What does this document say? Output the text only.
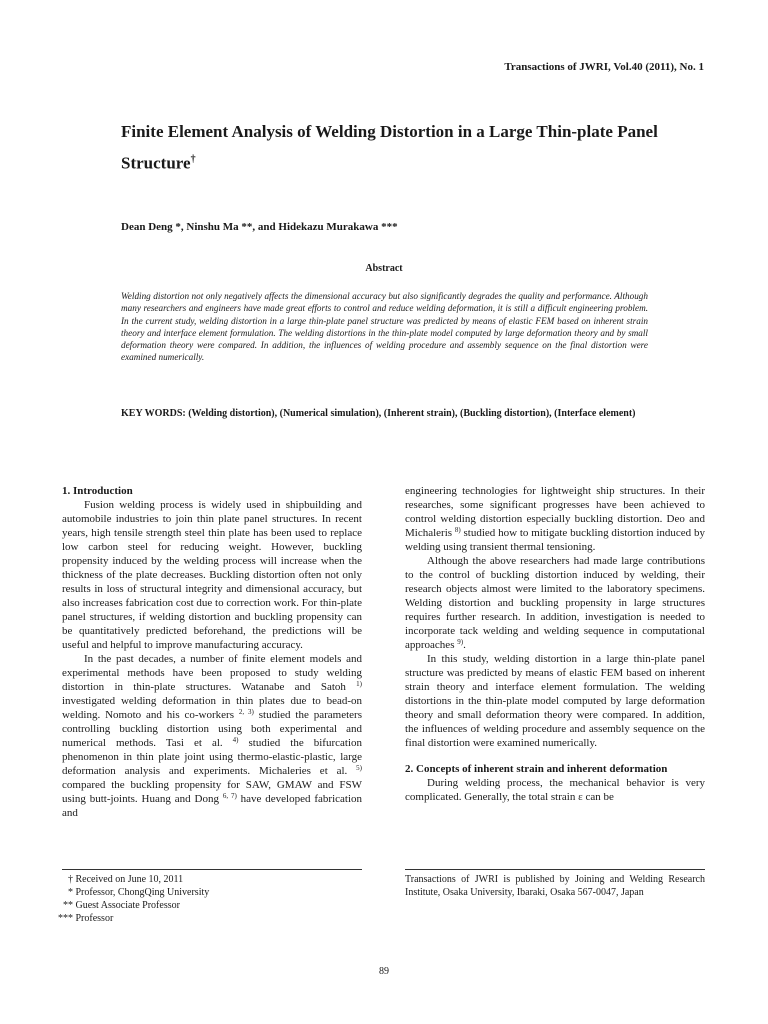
Transactions of JWRI, Vol.40 (2011), No. 1
Finite Element Analysis of Welding Distortion in a Large Thin-plate Panel Structure†
Dean Deng *, Ninshu Ma **, and Hidekazu Murakawa ***
Abstract
Welding distortion not only negatively affects the dimensional accuracy but also significantly degrades the quality and performance. Although many researchers and engineers have made great efforts to control and reduce welding deformation, it is still a difficult engineering problem. In the current study, welding distortion in a large thin-plate panel structure was predicted by means of elastic FEM based on inherent strain theory and interface element formulation. The welding distortions in the thin-plate model computed by large deformation theory and by small deformation theory were compared. In addition, the influences of welding procedure and assembly sequence on the final distortion were examined numerically.
KEY WORDS: (Welding distortion), (Numerical simulation), (Inherent strain), (Buckling distortion), (Interface element)
1. Introduction

Fusion welding process is widely used in shipbuilding and automobile industries to join thin plate panel structures. In recent years, high tensile strength steel thin plate has been used to replace low carbon steel for reducing weight. However, buckling propensity induced by the welding process will increase when the thickness of the plate decreases. Buckling distortion often not only results in loss of structural integrity and dimensional accuracy, but also increases fabrication cost due to correction work. For thin-plate panel structures, if welding distortion and buckling propensity can be quantitatively predicted beforehand, the predictions will be useful and helpful to improve manufacturing accuracy.

In the past decades, a number of finite element models and experimental methods have been proposed to study welding distortion in thin-plate structures. Watanabe and Satoh $^{1)}$ investigated welding deformation in thin plates due to bead-on welding. Nomoto and his co-workers $^{2, 3)}$ studied the parameters controlling buckling distortion using both experimental and numerical methods. Tasi et al. $^{4)}$ studied the bifurcation phenomenon in thin plate joint using thermo-elastic-plastic, large deformation analysis and experiments. Michaleries et al. $^{5)}$ compared the buckling propensity for SAW, GMAW and FSW using butt-joints. Huang and Dong $^{6, 7)}$ have developed fabrication and

engineering technologies for lightweight ship structures. In their researches, some significant progresses have been achieved to control welding distortion especially buckling distortion. Deo and Michaleris $^{8)}$ studied how to mitigate buckling distortion induced by welding using transient thermal tensioning.

Although the above researchers had made large contributions to the control of buckling distortion induced by welding, their research objects almost were limited to the laboratory specimens. Welding distortion and buckling propensity in large structures requires further research. In addition, investigation is needed to incorporate tack welding and welding sequence in computational approaches $^{9)}$.

In this study, welding distortion in a large thin-plate panel structure was predicted by means of elastic FEM based on inherent strain theory and interface element formulation. The welding distortions in the thin-plate model computed by large deformation theory and small deformation theory were compared. In addition, the influences of welding procedure and assembly sequence on the final distortion were examined numerically.

2. Concepts of inherent strain and inherent deformation

During welding process, the mechanical behavior is very complicated. Generally, the total strain ε can be

† Received on June 10, 2011
* Professor, ChongQing University
** Guest Associate Professor
*** Professor
Transactions of JWRI is published by Joining and Welding Research Institute, Osaka University, Ibaraki, Osaka 567-0047, Japan
89
